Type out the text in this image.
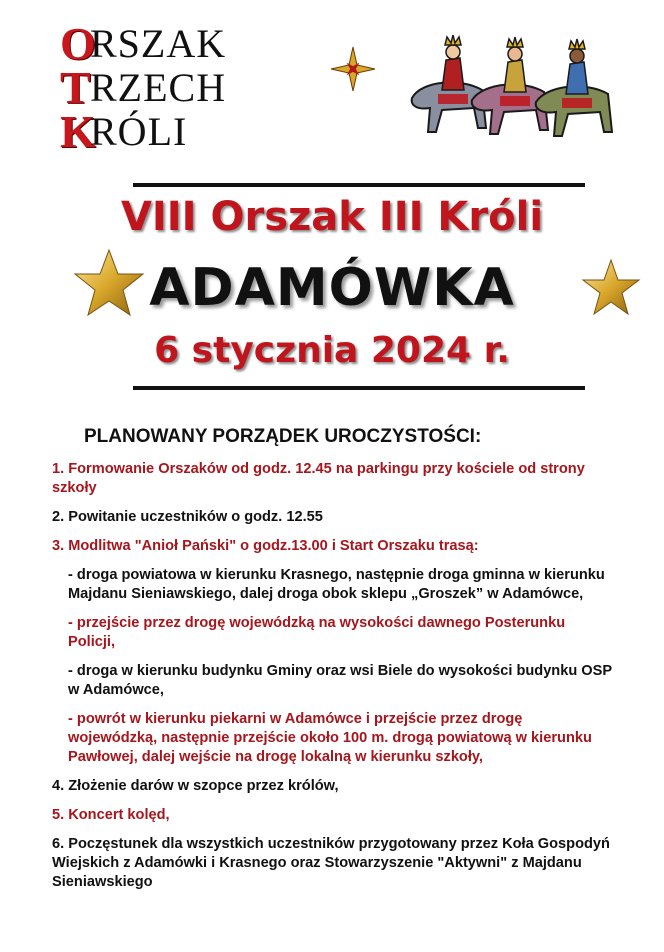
ORSZAK
TRZECH
KRÓLI
VIII Orszak III Króli
ADAMÓWKA
6 stycznia 2024 r.
PLANOWANY PORZĄDEK UROCZYSTOŚCI:
1. Formowanie Orszaków od godz. 12.45 na parkingu przy kościele od strony szkoły
2. Powitanie uczestników o godz. 12.55
3. Modlitwa "Anioł Pański" o godz.13.00 i Start Orszaku trasą:
- droga powiatowa w kierunku Krasnego, następnie droga gminna w kierunku Majdanu Sieniawskiego, dalej droga obok sklepu „Groszek” w Adamówce,
- przejście przez drogę wojewódzką na wysokości dawnego Posterunku Policji,
- droga w kierunku budynku Gminy oraz wsi Biele do wysokości budynku OSP w Adamówce,
- powrót w kierunku piekarni w Adamówce i przejście przez drogę wojewódzką, następnie przejście około 100 m. drogą powiatową w kierunku Pawłowej, dalej wejście na drogę lokalną w kierunku szkoły,
4. Złożenie darów w szopce przez królów,
5. Koncert kolęd,
6. Poczęstunek dla wszystkich uczestników przygotowany przez Koła Gospodyń Wiejskich z Adamówki i Krasnego oraz Stowarzyszenie "Aktywni" z Majdanu Sieniawskiego
